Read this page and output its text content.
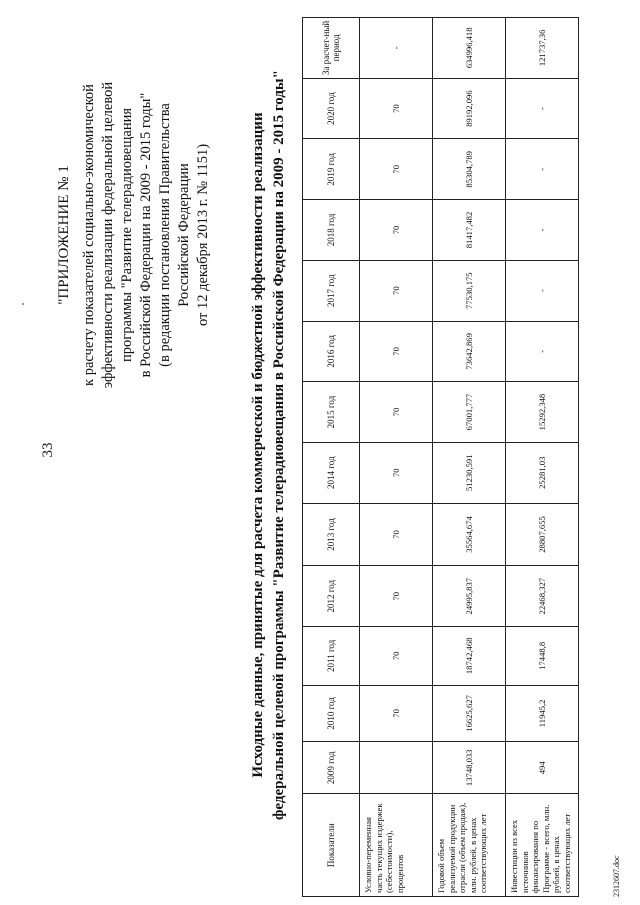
33
"ПРИЛОЖЕНИЕ № 1 к расчету показателей социально-экономической эффективности реализации федеральной целевой программы "Развитие телерадиовещания в Российской Федерации на 2009 - 2015 годы" (в редакции постановления Правительства Российской Федерации от 12 декабря 2013 г. № 1151)	Исходные данные, принятые для расчета коммерческой и бюджетной эффективности реализации федеральной целевой программы "Развитие телерадиовещания в Российской Федерации на 2009 - 2015 годы"
Показатели	2009 год	2010 год	2011 год	2012 год	2013 год	2014 год	2015 год	2016 год	2017 год	2018 год	2019 год	2020 год	За расчет-ный период
Условно-переменная часть текущих издержек (себестоимости), процентов		70	70	70	70	70	70	70	70	70	70	70	-
Годовой объем реализуемой продукции отрасли (объем продаж), млн. рублей, в ценах соответствующих лет	13748,033	16625,627	18742,468	24995,837	35564,674	51230,591	67001,777	73642,869	77530,175	81417,482	85304,789	89192,096	634996,418
Инвестиции из всех источников финансирования по Программе - всего, млн. рублей, в ценах соответствующих лет	494	11945,2	17448,8	22468,327	28807,655	25281,03	15292,348	-	-	-	-	-	121737,36
2312607.doc
